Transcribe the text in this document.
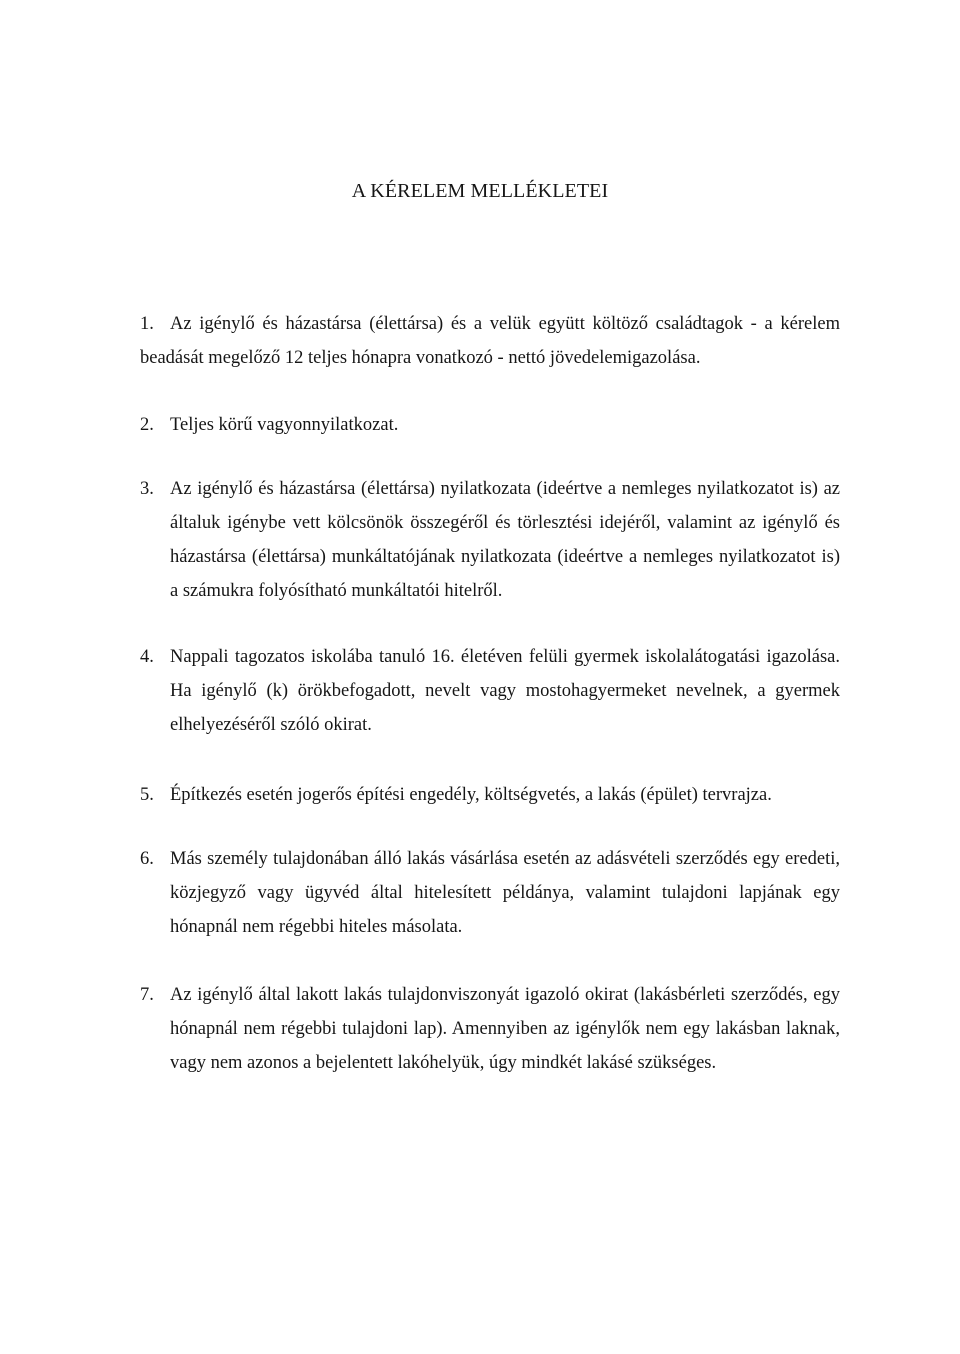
A KÉRELEM MELLÉKLETEI
Az igénylő és házastársa (élettársa) és a velük együtt költöző családtagok - a kérelem beadását megelőző 12 teljes hónapra vonatkozó - nettó jövedelemigazolása.
1.
2. Teljes körű vagyonnyilatkozat.
3. Az igénylő és házastársa (élettársa) nyilatkozata (ideértve a nemleges nyilatkozatot is) az általuk igénybe vett kölcsönök összegéről és törlesztési idejéről, valamint az igénylő és házastársa (élettársa) munkáltatójának nyilatkozata (ideértve a nemleges nyilatkozatot is) a számukra folyósítható munkáltatói hitelről.
4. Nappali tagozatos iskolába tanuló 16. életéven felüli gyermek iskolalátogatási igazolása. Ha igénylő (k) örökbefogadott, nevelt vagy mostohagyermeket nevelnek, a gyermek elhelyezéséről szóló okirat.
5. Építkezés esetén jogerős építési engedély, költségvetés, a lakás (épület) tervrajza.
6. Más személy tulajdonában álló lakás vásárlása esetén az adásvételi szerződés egy eredeti, közjegyző vagy ügyvéd által hitelesített példánya, valamint tulajdoni lapjának egy hónapnál nem régebbi hiteles másolata.
7. Az igénylő által lakott lakás tulajdonviszonyát igazoló okirat (lakásbérleti szerződés, egy hónapnál nem régebbi tulajdoni lap). Amennyiben az igénylők nem egy lakásban laknak, vagy nem azonos a bejelentett lakóhelyük, úgy mindkét lakásé szükséges.
